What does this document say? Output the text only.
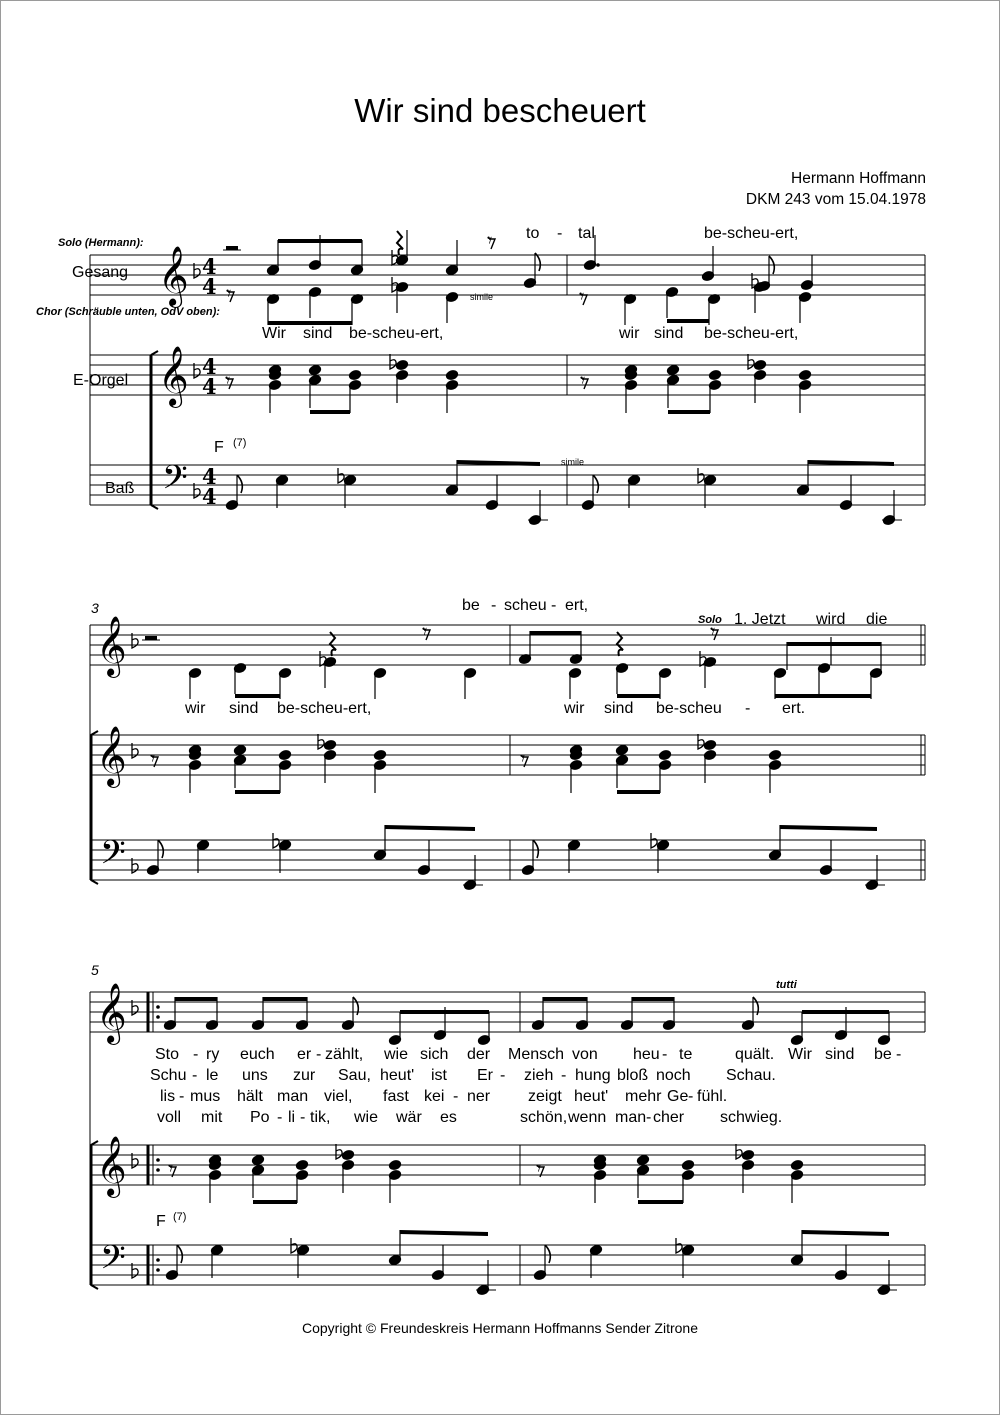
Wir sind bescheuert
Hermann Hoffmann
DKM 243 vom 15.04.1978
Solo (Hermann):
Gesang
Chor (Schräuble unten, OdV oben):
E-Orgel
Baß
Copyright © Freundeskreis Hermann Hoffmanns Sender Zitrone
F (7)
F (7)
simile
simile
3
5
Solo
tutti
to - tal	be-scheu-ert,
Wir sind be-scheu-ert,	wir sind be-scheu-ert,
be - scheu - ert,
1. Jetzt wird die
wir sind be-scheu-ert,	wir sind be-scheu - ert.
Sto - ry euch er - zählt, wie sich der Mensch von heu - te	quält. Wir sind be -
Schu - le uns zur Sau, heut' ist Er - zieh - hung bloß noch Schau.
lis - mus hält man viel, fast kei - ner zeigt heut' mehr Ge - fühl.
voll mit Po - li - tik, wie wär es	schön, wenn man - cher schwieg.
𝄞
𝄞
𝄢
4
4
4
4
4
4
𝄾
𝄾	𝄾
𝄾	𝄾
𝄞
𝄞
𝄢
𝄾	𝄾
𝄾	𝄾
𝄞
𝄞
𝄢
𝄾	𝄾
